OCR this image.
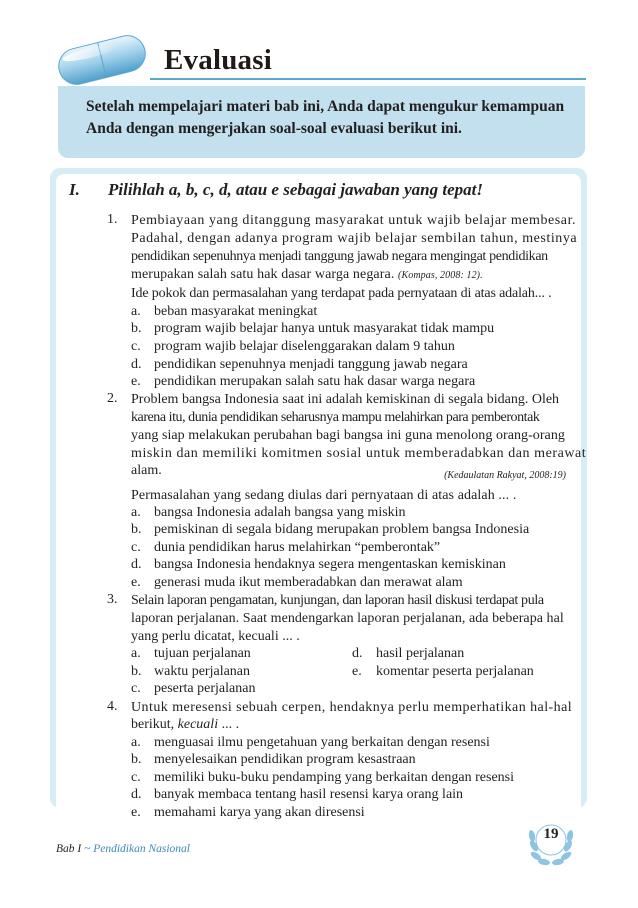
Evaluasi
Setelah mempelajari materi bab ini, Anda dapat mengukur kemampuan
Anda dengan mengerjakan soal-soal evaluasi berikut ini.
I. Pilihlah a, b, c, d, atau e sebagai jawaban yang tepat!
1. Pembiayaan yang ditanggung masyarakat untuk wajib belajar membesar.
Padahal, dengan adanya program wajib belajar sembilan tahun, mestinya
pendidikan sepenuhnya menjadi tanggung jawab negara mengingat pendidikan
merupakan salah satu hak dasar warga negara. (Kompas, 2008: 12).
Ide pokok dan permasalahan yang terdapat pada pernyataan di atas adalah... .
a. beban masyarakat meningkat
b. program wajib belajar hanya untuk masyarakat tidak mampu
c. program wajib belajar diselenggarakan dalam 9 tahun
d. pendidikan sepenuhnya menjadi tanggung jawab negara
e. pendidikan merupakan salah satu hak dasar warga negara
2. Problem bangsa Indonesia saat ini adalah kemiskinan di segala bidang. Oleh
karena itu, dunia pendidikan seharusnya mampu melahirkan para pemberontak
yang siap melakukan perubahan bagi bangsa ini guna menolong orang-orang
miskin dan memiliki komitmen sosial untuk memberadabkan dan merawat
alam.	(Kedaulatan Rakyat, 2008:19)
Permasalahan yang sedang diulas dari pernyataan di atas adalah ... .
a. bangsa Indonesia adalah bangsa yang miskin
b. pemiskinan di segala bidang merupakan problem bangsa Indonesia
c. dunia pendidikan harus melahirkan “pemberontak”
d. bangsa Indonesia hendaknya segera mengentaskan kemiskinan
e. generasi muda ikut memberadabkan dan merawat alam
3. Selain laporan pengamatan, kunjungan, dan laporan hasil diskusi terdapat pula
laporan perjalanan. Saat mendengarkan laporan perjalanan, ada beberapa hal
yang perlu dicatat, kecuali ... .
a. tujuan perjalanan	d. hasil perjalanan
b. waktu perjalanan	e. komentar peserta perjalanan
c. peserta perjalanan
4. Untuk meresensi sebuah cerpen, hendaknya perlu memperhatikan hal-hal
berikut, kecuali ... .
a. menguasai ilmu pengetahuan yang berkaitan dengan resensi
b. menyelesaikan pendidikan program kesastraan
c. memiliki buku-buku pendamping yang berkaitan dengan resensi
d. banyak membaca tentang hasil resensi karya orang lain
e. memahami karya yang akan diresensi
Bab I ~ Pendidikan Nasional
19
